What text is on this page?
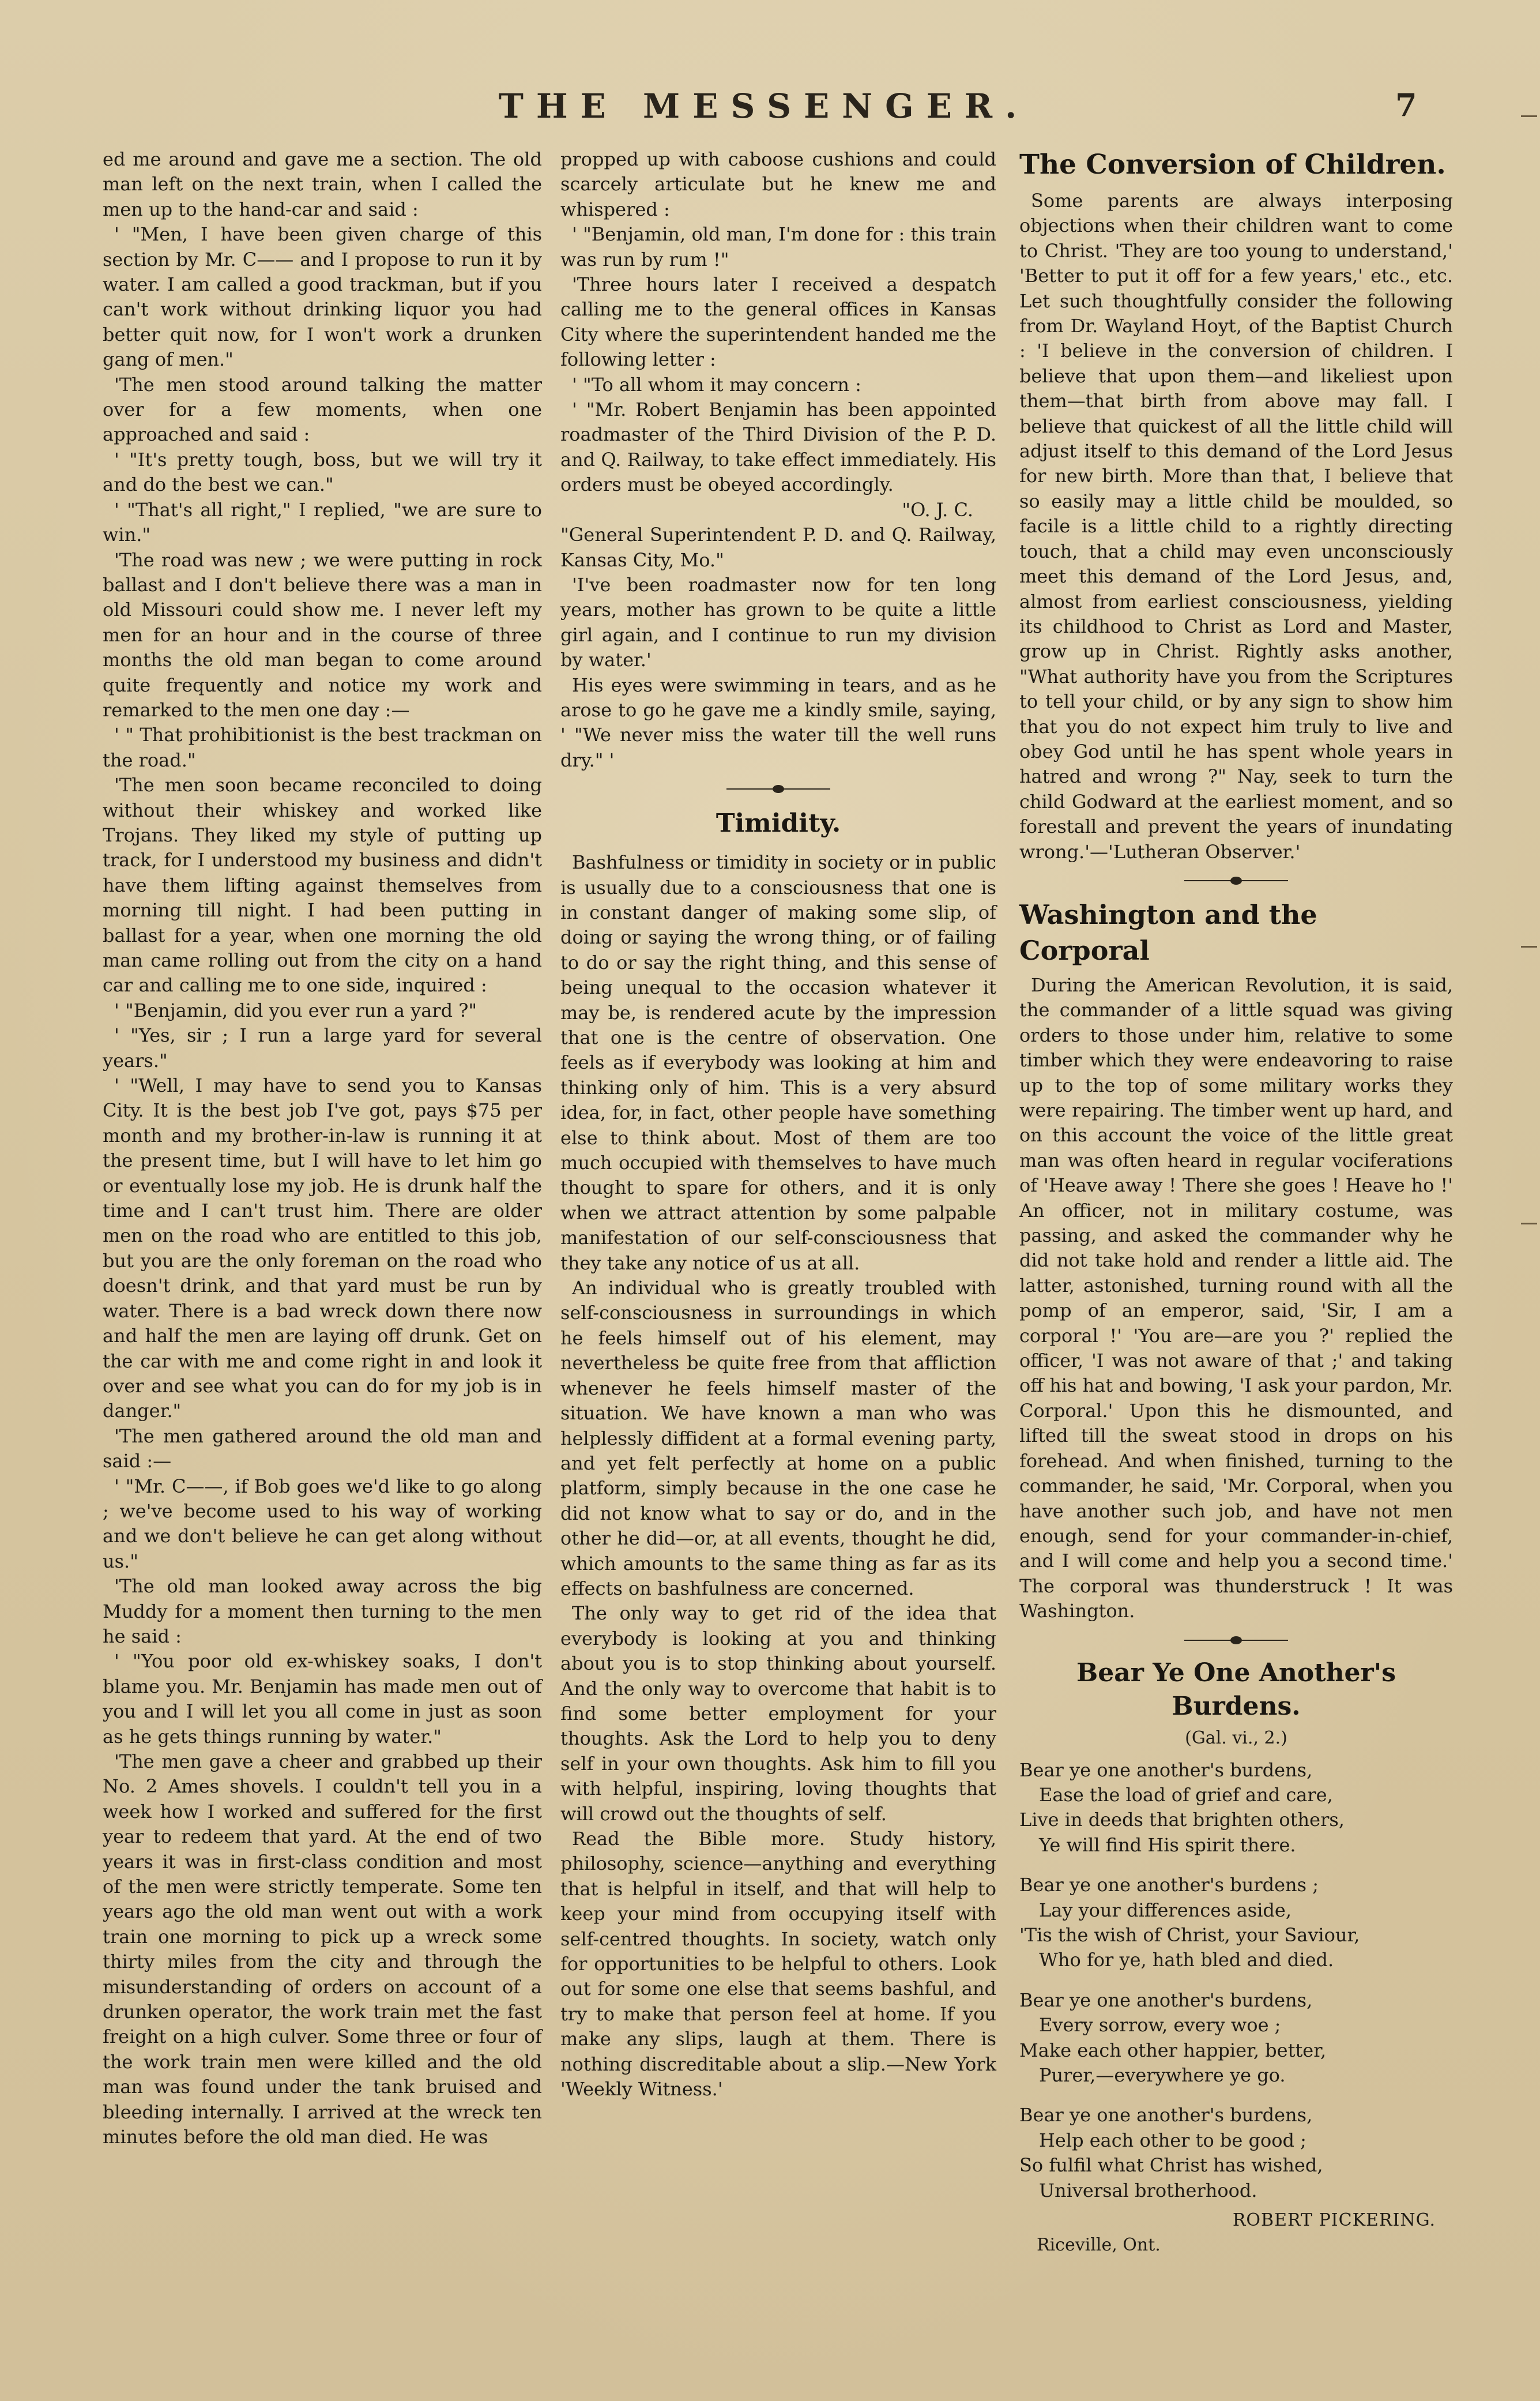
THE MESSENGER.	7

ed me around and gave me a section. The old man left on the next train, when I called the men up to the hand-car and said :

' "Men, I have been given charge of this section by Mr. C—— and I propose to run it by water. I am called a good trackman, but if you can't work without drinking liquor you had better quit now, for I won't work a drunken gang of men."

'The men stood around talking the matter over for a few moments, when one approached and said :

' "It's pretty tough, boss, but we will try it and do the best we can."

' "That's all right," I replied, "we are sure to win."

'The road was new ; we were putting in rock ballast and I don't believe there was a man in old Missouri could show me. I never left my men for an hour and in the course of three months the old man began to come around quite frequently and notice my work and remarked to the men one day :—

' " That prohibitionist is the best trackman on the road."

'The men soon became reconciled to doing without their whiskey and worked like Trojans. They liked my style of putting up track, for I understood my business and didn't have them lifting against themselves from morning till night. I had been putting in ballast for a year, when one morning the old man came rolling out from the city on a hand car and calling me to one side, inquired :

' "Benjamin, did you ever run a yard ?"

' "Yes, sir ; I run a large yard for several years."

' "Well, I may have to send you to Kansas City. It is the best job I've got, pays $75 per month and my brother-in-law is running it at the present time, but I will have to let him go or eventually lose my job. He is drunk half the time and I can't trust him. There are older men on the road who are entitled to this job, but you are the only foreman on the road who doesn't drink, and that yard must be run by water. There is a bad wreck down there now and half the men are laying off drunk. Get on the car with me and come right in and look it over and see what you can do for my job is in danger."

'The men gathered around the old man and said :—

' "Mr. C——, if Bob goes we'd like to go along ; we've become used to his way of working and we don't believe he can get along without us."

'The old man looked away across the big Muddy for a moment then turning to the men he said :

' "You poor old ex-whiskey soaks, I don't blame you. Mr. Benjamin has made men out of you and I will let you all come in just as soon as he gets things running by water."

'The men gave a cheer and grabbed up their No. 2 Ames shovels. I couldn't tell you in a week how I worked and suffered for the first year to redeem that yard. At the end of two years it was in first-class condition and most of the men were strictly temperate. Some ten years ago the old man went out with a work train one morning to pick up a wreck some thirty miles from the city and through the misunderstanding of orders on account of a drunken operator, the work train met the fast freight on a high culver. Some three or four of the work train men were killed and the old man was found under the tank bruised and bleeding internally. I arrived at the wreck ten minutes before the old man died. He was

propped up with caboose cushions and could scarcely articulate but he knew me and whispered :

' "Benjamin, old man, I'm done for : this train was run by rum !"

'Three hours later I received a despatch calling me to the general offices in Kansas City where the superintendent handed me the following letter :

' "To all whom it may concern :

' "Mr. Robert Benjamin has been appointed roadmaster of the Third Division of the P. D. and Q. Railway, to take effect immediately. His orders must be obeyed accordingly.

"O. J. C.

"General Superintendent P. D. and Q. Railway, Kansas City, Mo."

'I've been roadmaster now for ten long years, mother has grown to be quite a little girl again, and I continue to run my division by water.'

His eyes were swimming in tears, and as he arose to go he gave me a kindly smile, saying, ' "We never miss the water till the well runs dry." '

Timidity.

Bashfulness or timidity in society or in public is usually due to a consciousness that one is in constant danger of making some slip, of doing or saying the wrong thing, or of failing to do or say the right thing, and this sense of being unequal to the occasion whatever it may be, is rendered acute by the impression that one is the centre of observation. One feels as if everybody was looking at him and thinking only of him. This is a very absurd idea, for, in fact, other people have something else to think about. Most of them are too much occupied with themselves to have much thought to spare for others, and it is only when we attract attention by some palpable manifestation of our self-consciousness that they take any notice of us at all.

An individual who is greatly troubled with self-consciousness in surroundings in which he feels himself out of his element, may nevertheless be quite free from that affliction whenever he feels himself master of the situation. We have known a man who was helplessly diffident at a formal evening party, and yet felt perfectly at home on a public platform, simply because in the one case he did not know what to say or do, and in the other he did—or, at all events, thought he did, which amounts to the same thing as far as its effects on bashfulness are concerned.

The only way to get rid of the idea that everybody is looking at you and thinking about you is to stop thinking about yourself. And the only way to overcome that habit is to find some better employment for your thoughts. Ask the Lord to help you to deny self in your own thoughts. Ask him to fill you with helpful, inspiring, loving thoughts that will crowd out the thoughts of self.

Read the Bible more. Study history, philosophy, science—anything and everything that is helpful in itself, and that will help to keep your mind from occupying itself with self-centred thoughts. In society, watch only for opportunities to be helpful to others. Look out for some one else that seems bashful, and try to make that person feel at home. If you make any slips, laugh at them. There is nothing discreditable about a slip.—New York 'Weekly Witness.'

The Conversion of Children.

Some parents are always interposing objections when their children want to come to Christ. 'They are too young to understand,' 'Better to put it off for a few years,' etc., etc. Let such thoughtfully consider the following from Dr. Wayland Hoyt, of the Baptist Church : 'I believe in the conversion of children. I believe that upon them—and likeliest upon them—that birth from above may fall. I believe that quickest of all the little child will adjust itself to this demand of the Lord Jesus for new birth. More than that, I believe that so easily may a little child be moulded, so facile is a little child to a rightly directing touch, that a child may even unconsciously meet this demand of the Lord Jesus, and, almost from earliest consciousness, yielding its childhood to Christ as Lord and Master, grow up in Christ. Rightly asks another, "What authority have you from the Scriptures to tell your child, or by any sign to show him that you do not expect him truly to live and obey God until he has spent whole years in hatred and wrong ?" Nay, seek to turn the child Godward at the earliest moment, and so forestall and prevent the years of inundating wrong.'—'Lutheran Observer.'

Washington and the Corporal

During the American Revolution, it is said, the commander of a little squad was giving orders to those under him, relative to some timber which they were endeavoring to raise up to the top of some military works they were repairing. The timber went up hard, and on this account the voice of the little great man was often heard in regular vociferations of 'Heave away ! There she goes ! Heave ho !' An officer, not in military costume, was passing, and asked the commander why he did not take hold and render a little aid. The latter, astonished, turning round with all the pomp of an emperor, said, 'Sir, I am a corporal !' 'You are—are you ?' replied the officer, 'I was not aware of that ;' and taking off his hat and bowing, 'I ask your pardon, Mr. Corporal.' Upon this he dismounted, and lifted till the sweat stood in drops on his forehead. And when finished, turning to the commander, he said, 'Mr. Corporal, when you have another such job, and have not men enough, send for your commander-in-chief, and I will come and help you a second time.' The corporal was thunderstruck ! It was Washington.

Bear Ye One Another's
Burdens.
(Gal. vi., 2.)
Bear ye one another's burdens,
Ease the load of grief and care,
Live in deeds that brighten others,
Ye will find His spirit there.
Bear ye one another's burdens ;
Lay your differences aside,
'Tis the wish of Christ, your Saviour,
Who for ye, hath bled and died.
Bear ye one another's burdens,
Every sorrow, every woe ;
Make each other happier, better,
Purer,—everywhere ye go.
Bear ye one another's burdens,
Help each other to be good ;
So fulfil what Christ has wished,
Universal brotherhood.
ROBERT PICKERING.
Riceville, Ont.
